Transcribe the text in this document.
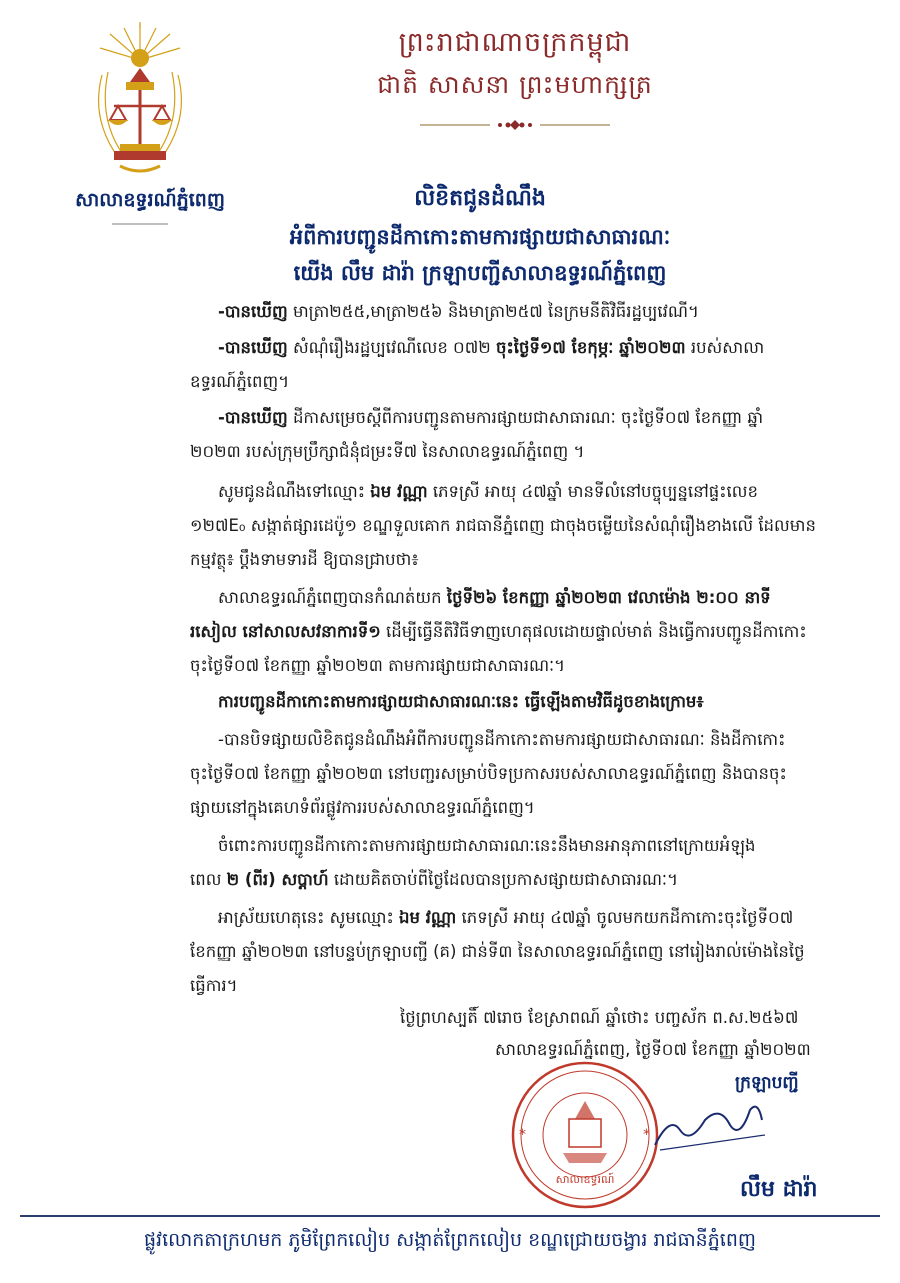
សាលាឧទ្ធរណ៍ភ្នំពេញ
ព្រះរាជាណាចក្រកម្ពុជា
ជាតិ សាសនា ព្រះមហាក្សត្រ
លិខិតជូនដំណឹង
អំពីការបញ្ជូនដីកាកោះតាមការផ្សាយជាសាធារណៈ
យើង លឹម ដារ៉ា ក្រឡាបញ្ជីសាលាឧទ្ធរណ៍ភ្នំពេញ
-បានឃើញ មាត្រា២៥៥,មាត្រា២៥៦ និងមាត្រា២៥៧ នៃក្រមនីតិវិធីរដ្ឋប្បវេណី។
-បានឃើញ សំណុំរឿងរដ្ឋប្បវេណីលេខ ០៧២ ចុះថ្ងៃទី១៧ ខែកុម្ភៈ ឆ្នាំ២០២៣ របស់សាលា
ឧទ្ធរណ៍ភ្នំពេញ។
-បានឃើញ ដីកាសម្រេចស្តីពីការបញ្ជូនតាមការផ្សាយជាសាធារណៈ ចុះថ្ងៃទី០៧ ខែកញ្ញា ឆ្នាំ
២០២៣ របស់ក្រុមប្រឹក្សាជំនុំជម្រះទី៧ នៃសាលាឧទ្ធរណ៍ភ្នំពេញ ។
សូមជូនដំណឹងទៅឈ្មោះ ឯម វណ្ណា ភេទស្រី អាយុ ៤៧ឆ្នាំ មានទីលំនៅបច្ចុប្បន្ននៅផ្ទះលេខ
១២៧E₀ សង្កាត់ផ្សារដេប៉ូ១ ខណ្ឌទួលគោក រាជធានីភ្នំពេញ ជាចុងចម្លើយនៃសំណុំរឿងខាងលើ ដែលមាន
កម្មវត្ថុ៖ ប្តឹងទាមទារដី ឱ្យបានជ្រាបថា៖
សាលាឧទ្ធរណ៍ភ្នំពេញបានកំណត់យក ថ្ងៃទី២៦ ខែកញ្ញា ឆ្នាំ២០២៣ វេលាម៉ោង ២:០០ នាទី
រសៀល នៅសាលសវនាការទី១ ដើម្បីធ្វើនីតិវិធីទាញហេតុផលដោយផ្ទាល់មាត់ និងធ្វើការបញ្ជូនដីកាកោះ
ចុះថ្ងៃទី០៧ ខែកញ្ញា ឆ្នាំ២០២៣ តាមការផ្សាយជាសាធារណៈ។
ការបញ្ជូនដីកាកោះតាមការផ្សាយជាសាធារណៈនេះ ធ្វើឡើងតាមវិធីដូចខាងក្រោម៖
-បានបិទផ្សាយលិខិតជូនដំណឹងអំពីការបញ្ជូនដីកាកោះតាមការផ្សាយជាសាធារណៈ និងដីកាកោះ
ចុះថ្ងៃទី០៧ ខែកញ្ញា ឆ្នាំ២០២៣ នៅបញ្ជរសម្រាប់បិទប្រកាសរបស់សាលាឧទ្ធរណ៍ភ្នំពេញ និងបានចុះ
ផ្សាយនៅក្នុងគេហទំព័រផ្លូវការរបស់សាលាឧទ្ធរណ៍ភ្នំពេញ។
ចំពោះការបញ្ជូនដីកាកោះតាមការផ្សាយជាសាធារណៈនេះនឹងមានអានុភាពនៅក្រោយអំឡុង
ពេល ២ (ពីរ) សប្តាហ៍ ដោយគិតចាប់ពីថ្ងៃដែលបានប្រកាសផ្សាយជាសាធារណៈ។
អាស្រ័យហេតុនេះ សូមឈ្មោះ ឯម វណ្ណា ភេទស្រី អាយុ ៤៧ឆ្នាំ ចូលមកយកដីកាកោះចុះថ្ងៃទី០៧
ខែកញ្ញា ឆ្នាំ២០២៣ នៅបន្ទប់ក្រឡាបញ្ជី (គ) ជាន់ទី៣ នៃសាលាឧទ្ធរណ៍ភ្នំពេញ នៅរៀងរាល់ម៉ោងនៃថ្ងៃ
ធ្វើការ។
ថ្ងៃព្រហស្បតិ៍ ៧រោច ខែស្រាពណ៍ ឆ្នាំថោះ បញ្ចស័ក ព.ស.២៥៦៧
សាលាឧទ្ធរណ៍ភ្នំពេញ, ថ្ងៃទី០៧ ខែកញ្ញា ឆ្នាំ២០២៣
ក្រឡាបញ្ជី
*	*
សាលាឧទ្ធរណ៍	លឹម ដារ៉ា
ផ្លូវលោកតាក្រហមក ភូមិព្រែកលៀប សង្កាត់ព្រែកលៀប ខណ្ឌជ្រោយចង្វារ រាជធានីភ្នំពេញ
